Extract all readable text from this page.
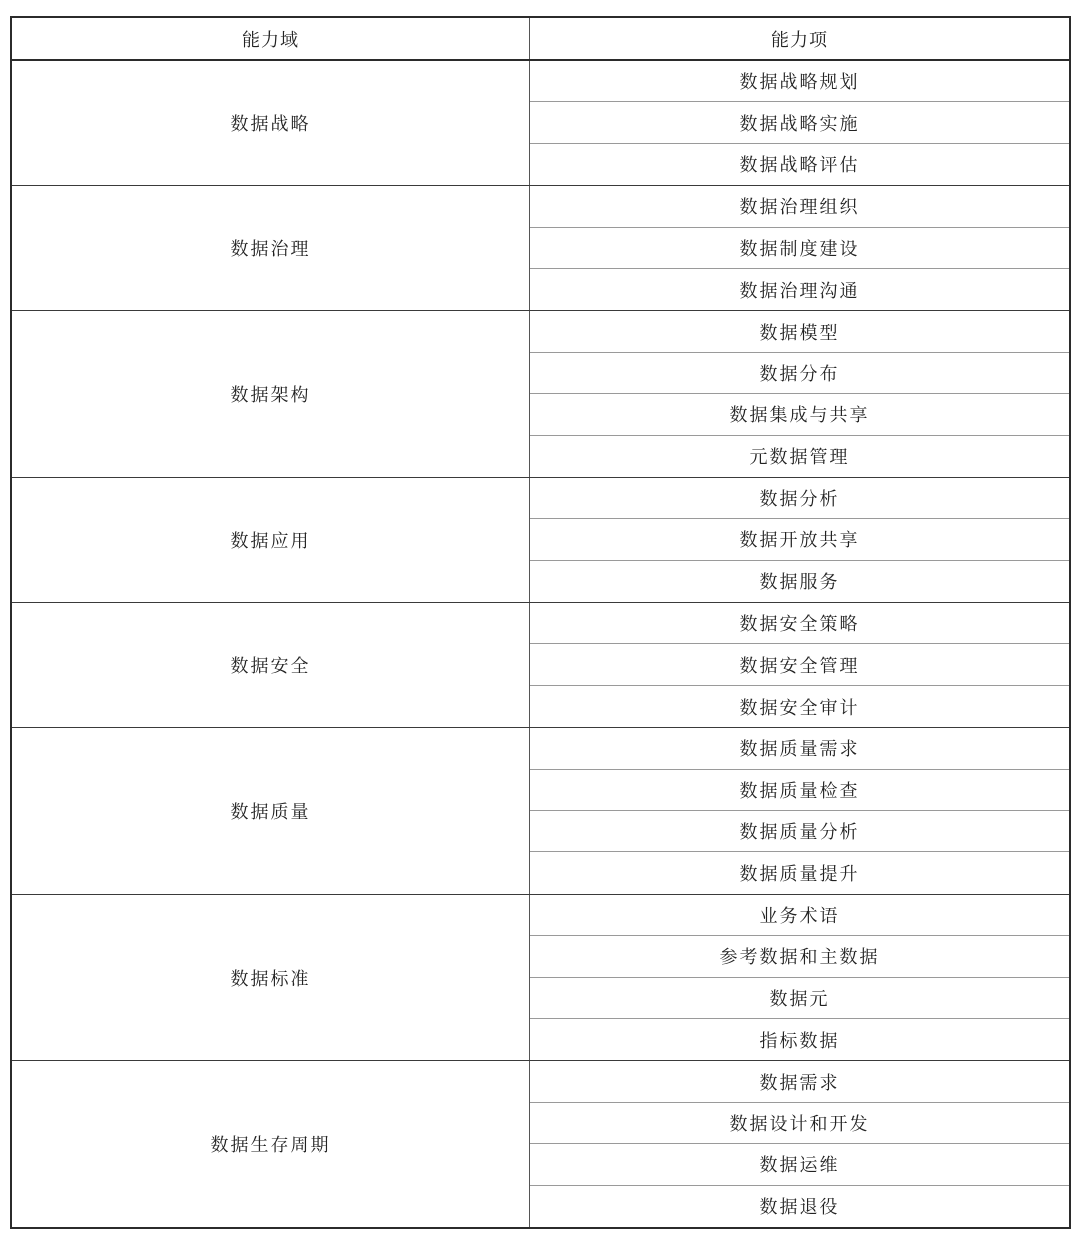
能力域	能力项
数据战略
数据战略规划
数据战略实施
数据战略评估
数据治理
数据治理组织
数据制度建设
数据治理沟通
数据架构
数据模型
数据分布
数据集成与共享
元数据管理
数据应用
数据分析
数据开放共享
数据服务
数据安全
数据安全策略
数据安全管理
数据安全审计
数据质量
数据质量需求
数据质量检查
数据质量分析
数据质量提升
数据标准
业务术语
参考数据和主数据
数据元
指标数据
数据生存周期
数据需求
数据设计和开发
数据运维
数据退役
